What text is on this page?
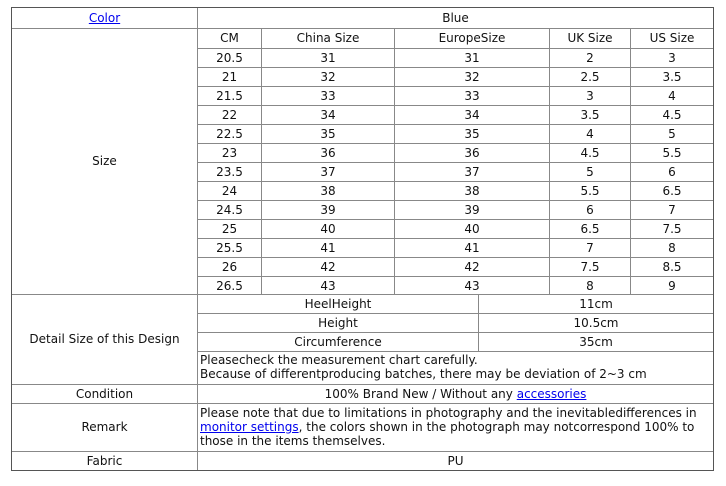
Color	Blue
Size
CM	China Size	EuropeSize	UK Size	US Size
20.5	31	31	2	3
21	32	32	2.5	3.5
21.5	33	33	3	4
22	34	34	3.5	4.5
22.5	35	35	4	5
23	36	36	4.5	5.5
23.5	37	37	5	6
24	38	38	5.5	6.5
24.5	39	39	6	7
25	40	40	6.5	7.5
25.5	41	41	7	8
26	42	42	7.5	8.5
26.5	43	43	8	9
Detail Size of this Design
HeelHeight	11cm
Height	10.5cm
Circumference	35cm
Pleasecheck the measurement chart carefully.
Because of differentproducing batches, there may be deviation of 2~3 cm
Condition	100% Brand New / Without any
accessories
Remark
Please note that due to limitations in photography and the inevitabledifferences in monitor settings, the colors shown in the photograph may notcorrespond 100% to those in the items themselves.
Fabric	PU
